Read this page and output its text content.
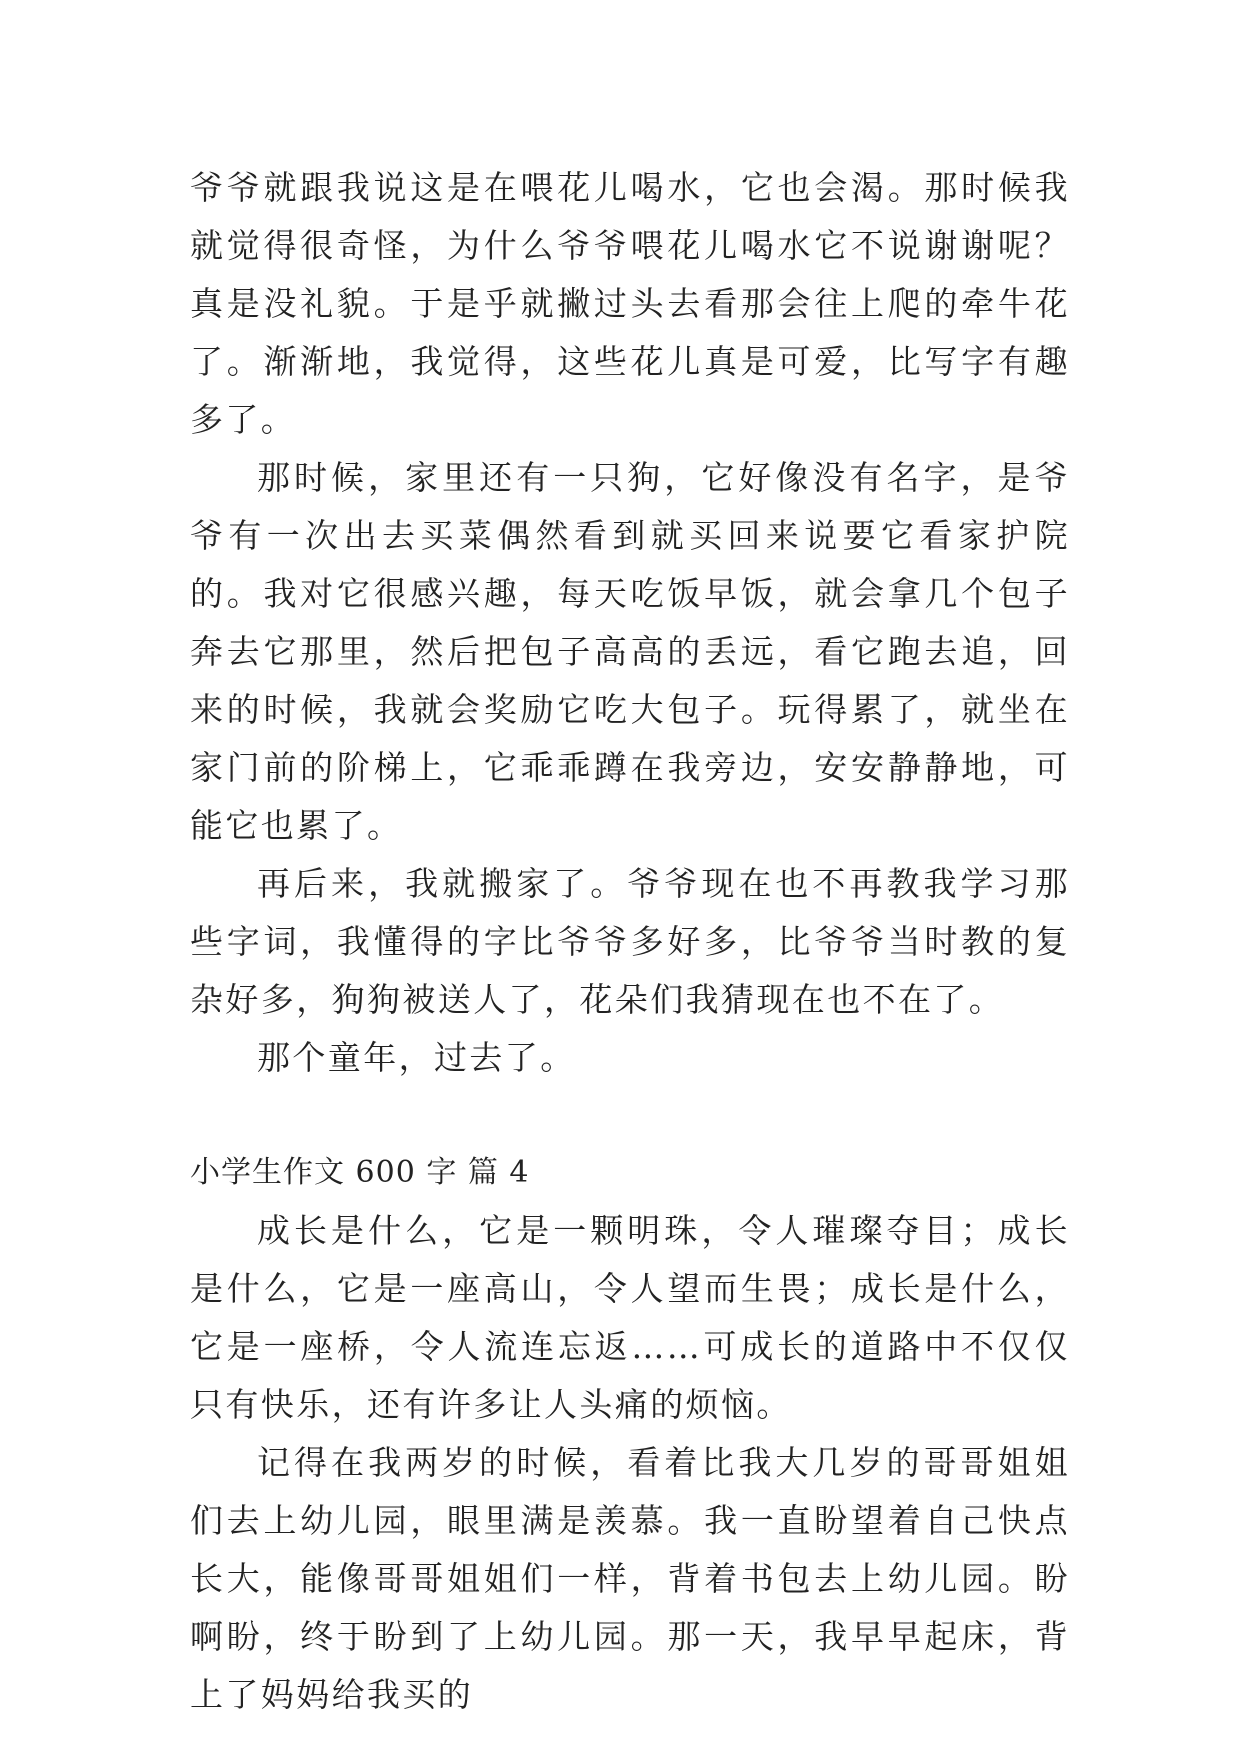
爷爷就跟我说这是在喂花儿喝水，它也会渴。那时候我就觉得很奇怪，为什么爷爷喂花儿喝水它不说谢谢呢？真是没礼貌。于是乎就撇过头去看那会往上爬的牵牛花了。渐渐地，我觉得，这些花儿真是可爱，比写字有趣多了。

那时候，家里还有一只狗，它好像没有名字，是爷爷有一次出去买菜偶然看到就买回来说要它看家护院的。我对它很感兴趣，每天吃饭早饭，就会拿几个包子奔去它那里，然后把包子高高的丢远，看它跑去追，回来的时候，我就会奖励它吃大包子。玩得累了，就坐在家门前的阶梯上，它乖乖蹲在我旁边，安安静静地，可能它也累了。

再后来，我就搬家了。爷爷现在也不再教我学习那些字词，我懂得的字比爷爷多好多，比爷爷当时教的复杂好多，狗狗被送人了，花朵们我猜现在也不在了。

那个童年，过去了。

小学生作文 600 字 篇 4

成长是什么，它是一颗明珠，令人璀璨夺目；成长是什么，它是一座高山，令人望而生畏；成长是什么，它是一座桥，令人流连忘返……可成长的道路中不仅仅只有快乐，还有许多让人头痛的烦恼。

记得在我两岁的时候，看着比我大几岁的哥哥姐姐们去上幼儿园，眼里满是羡慕。我一直盼望着自己快点长大，能像哥哥姐姐们一样，背着书包去上幼儿园。盼啊盼，终于盼到了上幼儿园。那一天，我早早起床，背上了妈妈给我买的
